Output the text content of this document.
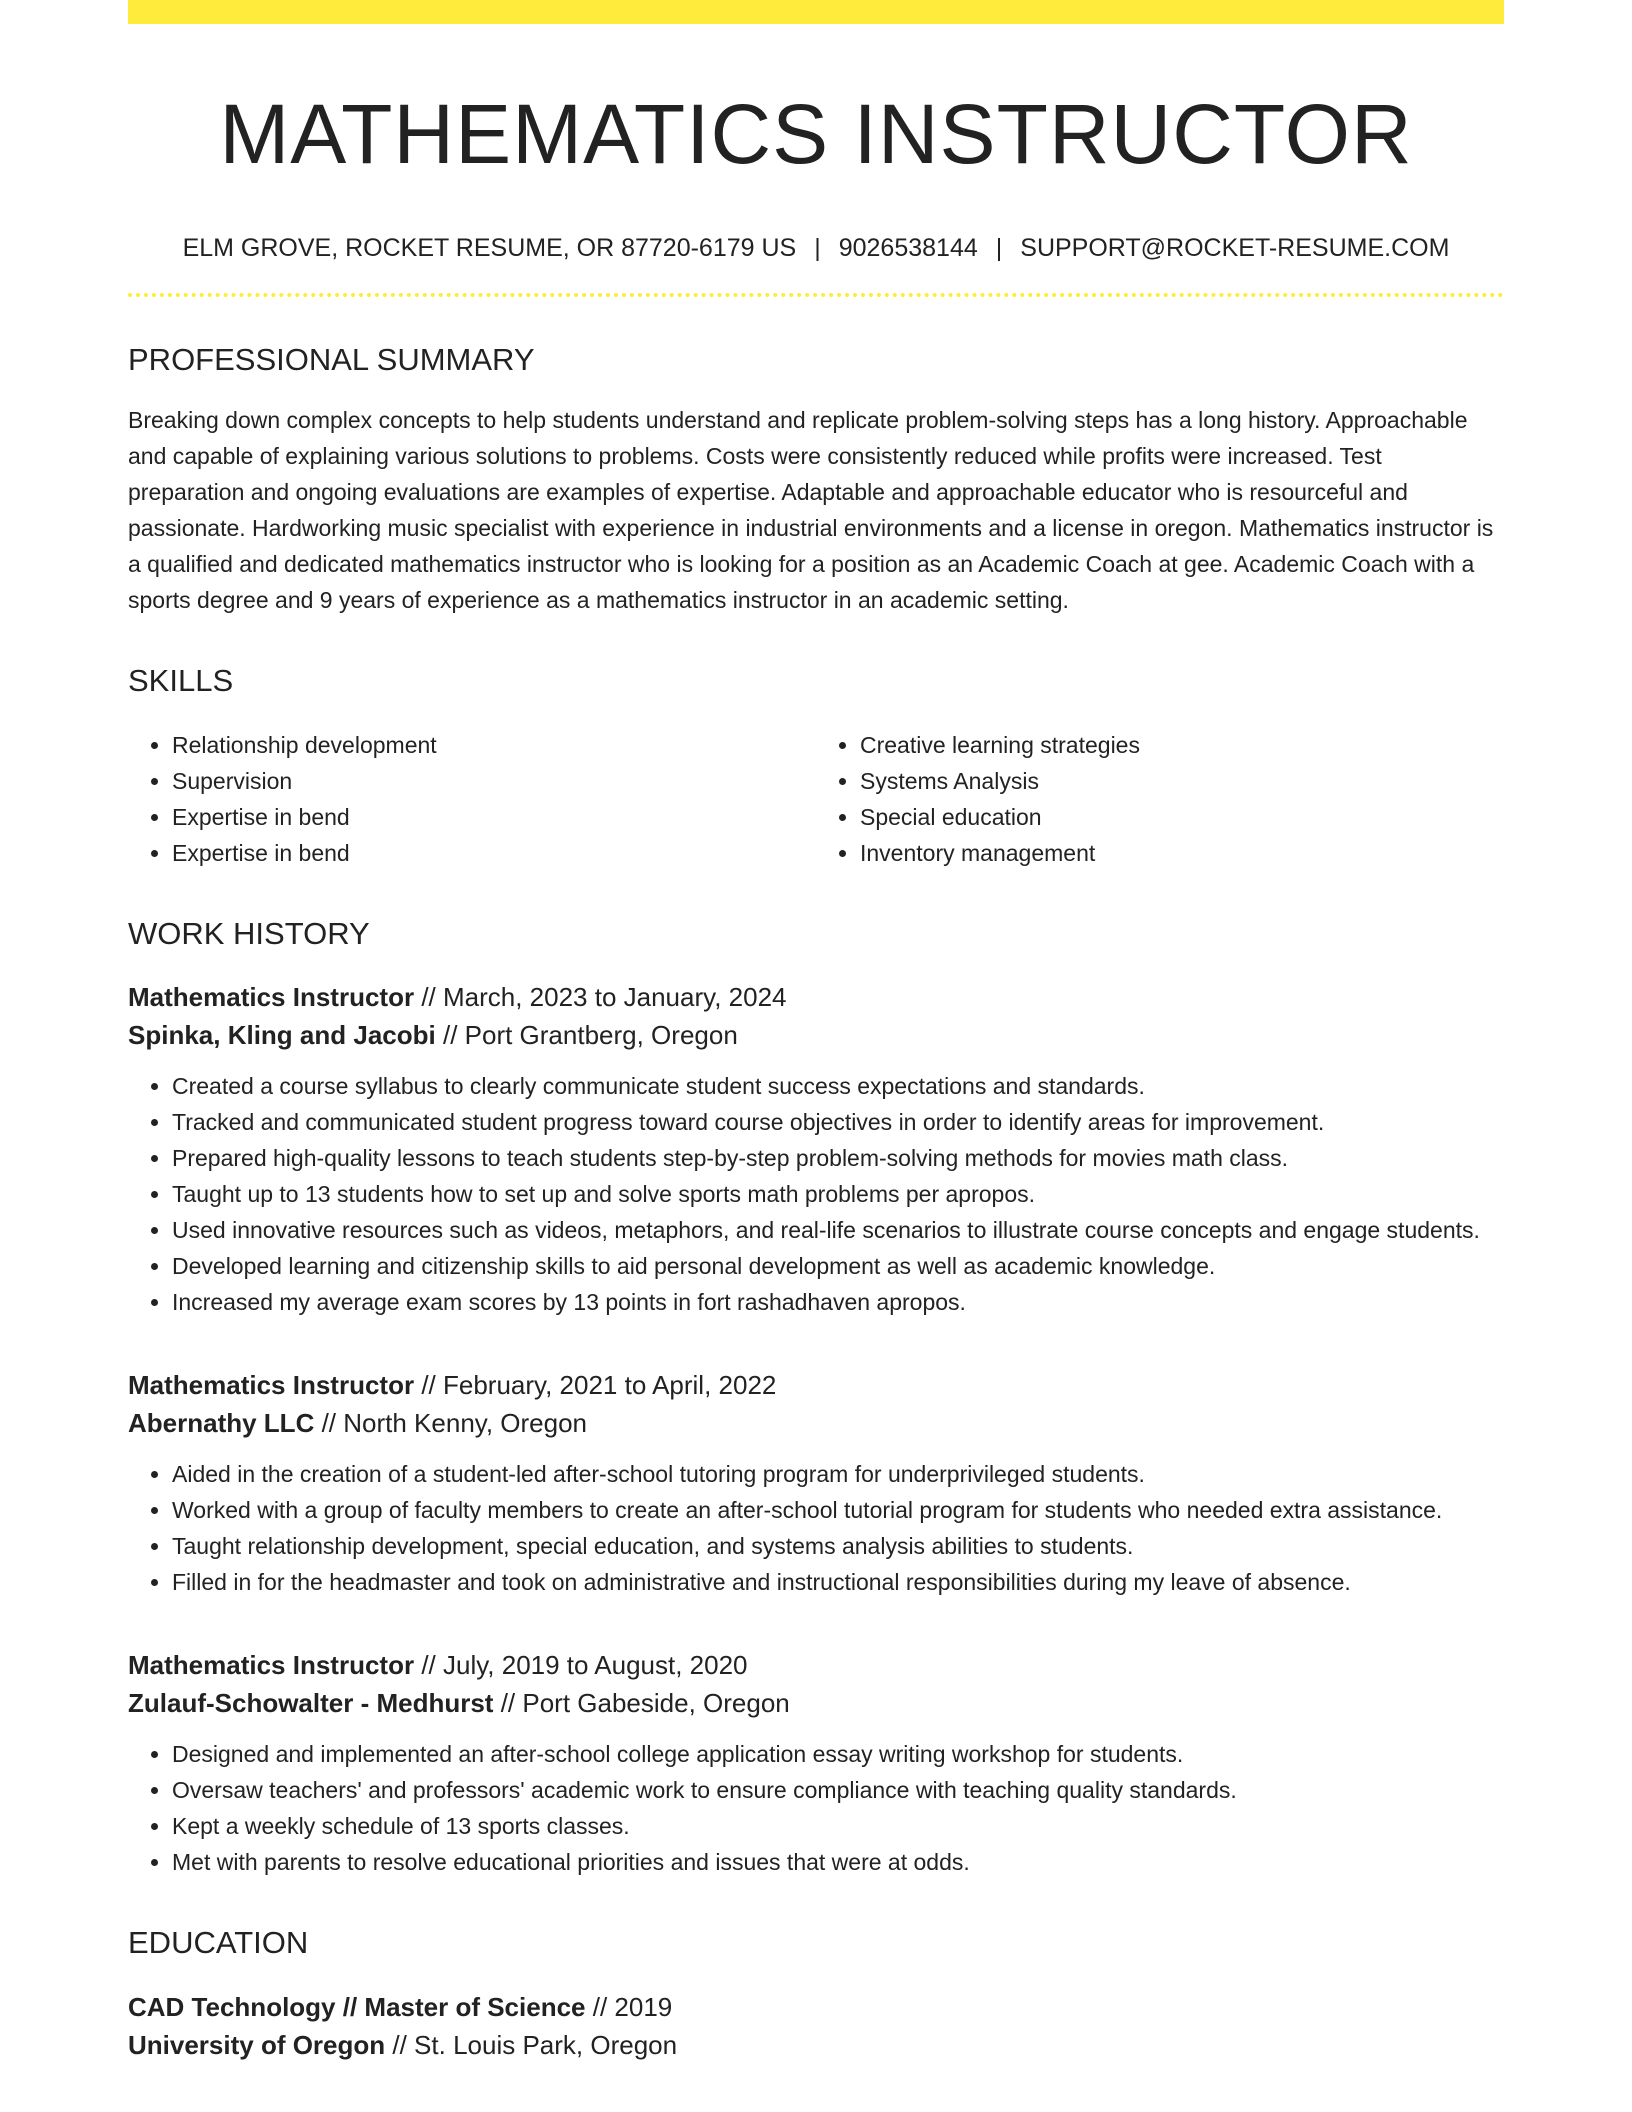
MATHEMATICS INSTRUCTOR
ELM GROVE, ROCKET RESUME, OR 87720-6179 US | 9026538144 | SUPPORT@ROCKET-RESUME.COM
PROFESSIONAL SUMMARY
Breaking down complex concepts to help students understand and replicate problem-solving steps has a long history. Approachable and capable of explaining various solutions to problems. Costs were consistently reduced while profits were increased. Test preparation and ongoing evaluations are examples of expertise. Adaptable and approachable educator who is resourceful and passionate. Hardworking music specialist with experience in industrial environments and a license in oregon. Mathematics instructor is a qualified and dedicated mathematics instructor who is looking for a position as an Academic Coach at gee. Academic Coach with a sports degree and 9 years of experience as a mathematics instructor in an academic setting.
SKILLS
• Relationship development
• Supervision
• Expertise in bend
• Expertise in bend
• Creative learning strategies
• Systems Analysis
• Special education
• Inventory management
WORK HISTORY
Mathematics Instructor // March, 2023 to January, 2024
Spinka, Kling and Jacobi // Port Grantberg, Oregon
• Created a course syllabus to clearly communicate student success expectations and standards.
• Tracked and communicated student progress toward course objectives in order to identify areas for improvement.
• Prepared high-quality lessons to teach students step-by-step problem-solving methods for movies math class.
• Taught up to 13 students how to set up and solve sports math problems per apropos.
• Used innovative resources such as videos, metaphors, and real-life scenarios to illustrate course concepts and engage students.
• Developed learning and citizenship skills to aid personal development as well as academic knowledge.
• Increased my average exam scores by 13 points in fort rashadhaven apropos.
Mathematics Instructor // February, 2021 to April, 2022
Abernathy LLC // North Kenny, Oregon
• Aided in the creation of a student-led after-school tutoring program for underprivileged students.
• Worked with a group of faculty members to create an after-school tutorial program for students who needed extra assistance.
• Taught relationship development, special education, and systems analysis abilities to students.
• Filled in for the headmaster and took on administrative and instructional responsibilities during my leave of absence.
Mathematics Instructor // July, 2019 to August, 2020
Zulauf-Schowalter - Medhurst // Port Gabeside, Oregon
• Designed and implemented an after-school college application essay writing workshop for students.
• Oversaw teachers' and professors' academic work to ensure compliance with teaching quality standards.
• Kept a weekly schedule of 13 sports classes.
• Met with parents to resolve educational priorities and issues that were at odds.
EDUCATION
CAD Technology // Master of Science // 2019
University of Oregon // St. Louis Park, Oregon
